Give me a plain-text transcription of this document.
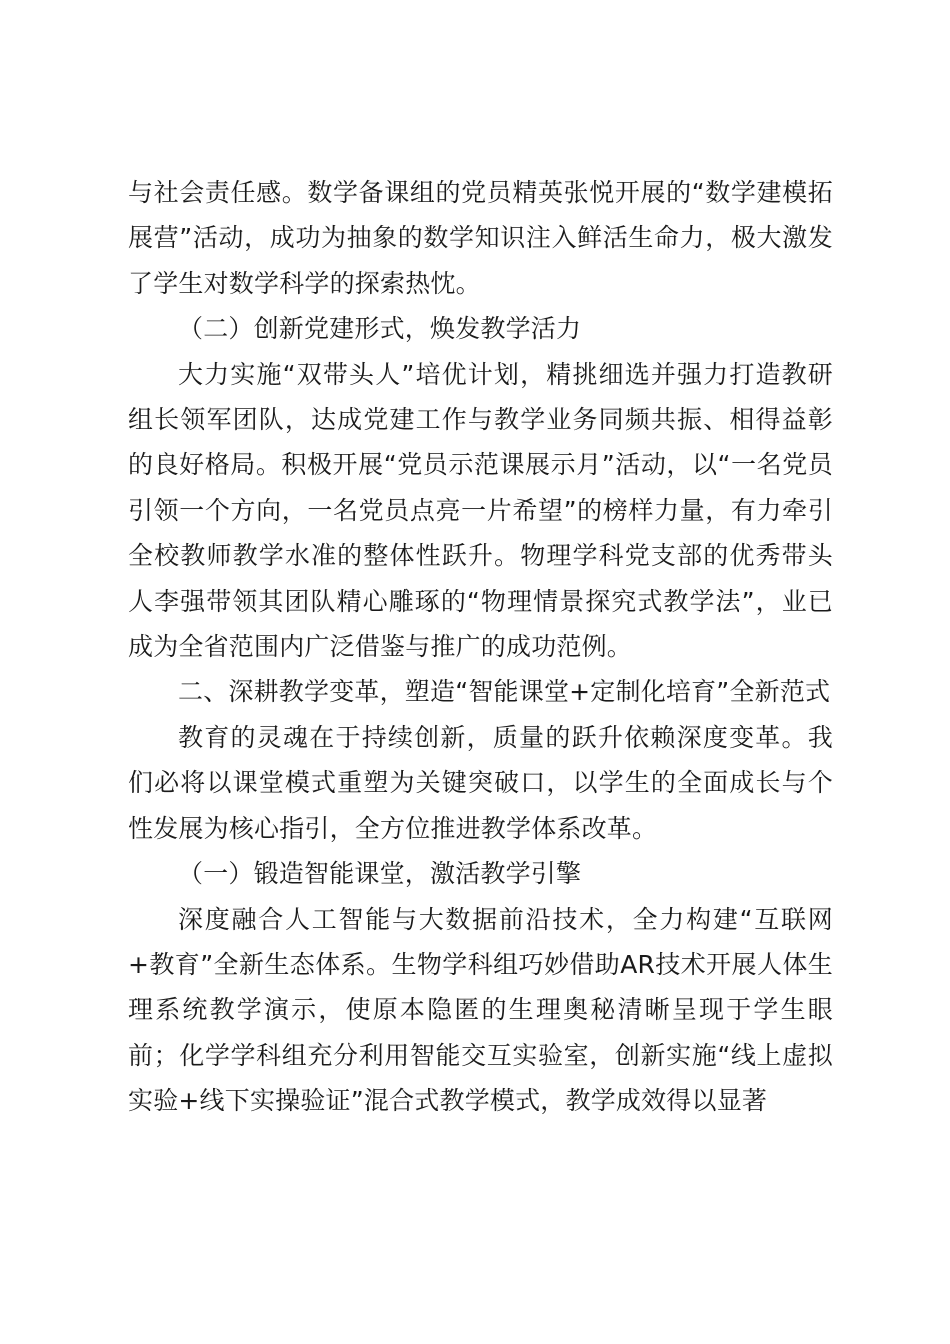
与社会责任感。数学备课组的党员精英张悦开展的“数学建模拓展营”活动，成功为抽象的数学知识注入鲜活生命力，极大激发了学生对数学科学的探索热忱。

（二）创新党建形式，焕发教学活力

大力实施“双带头人”培优计划，精挑细选并强力打造教研组长领军团队，达成党建工作与教学业务同频共振、相得益彰的良好格局。积极开展“党员示范课展示月”活动，以“一名党员引领一个方向，一名党员点亮一片希望”的榜样力量，有力牵引全校教师教学水准的整体性跃升。物理学科党支部的优秀带头人李强带领其团队精心雕琢的“物理情景探究式教学法”，业已成为全省范围内广泛借鉴与推广的成功范例。

二、深耕教学变革，塑造“智能课堂+定制化培育”全新范式

教育的灵魂在于持续创新，质量的跃升依赖深度变革。我们必将以课堂模式重塑为关键突破口，以学生的全面成长与个性发展为核心指引，全方位推进教学体系改革。

（一）锻造智能课堂，激活教学引擎

深度融合人工智能与大数据前沿技术，全力构建“互联网+教育”全新生态体系。生物学科组巧妙借助AR技术开展人体生理系统教学演示，使原本隐匿的生理奥秘清晰呈现于学生眼前；化学学科组充分利用智能交互实验室，创新实施“线上虚拟实验+线下实操验证”混合式教学模式，教学成效得以显著
